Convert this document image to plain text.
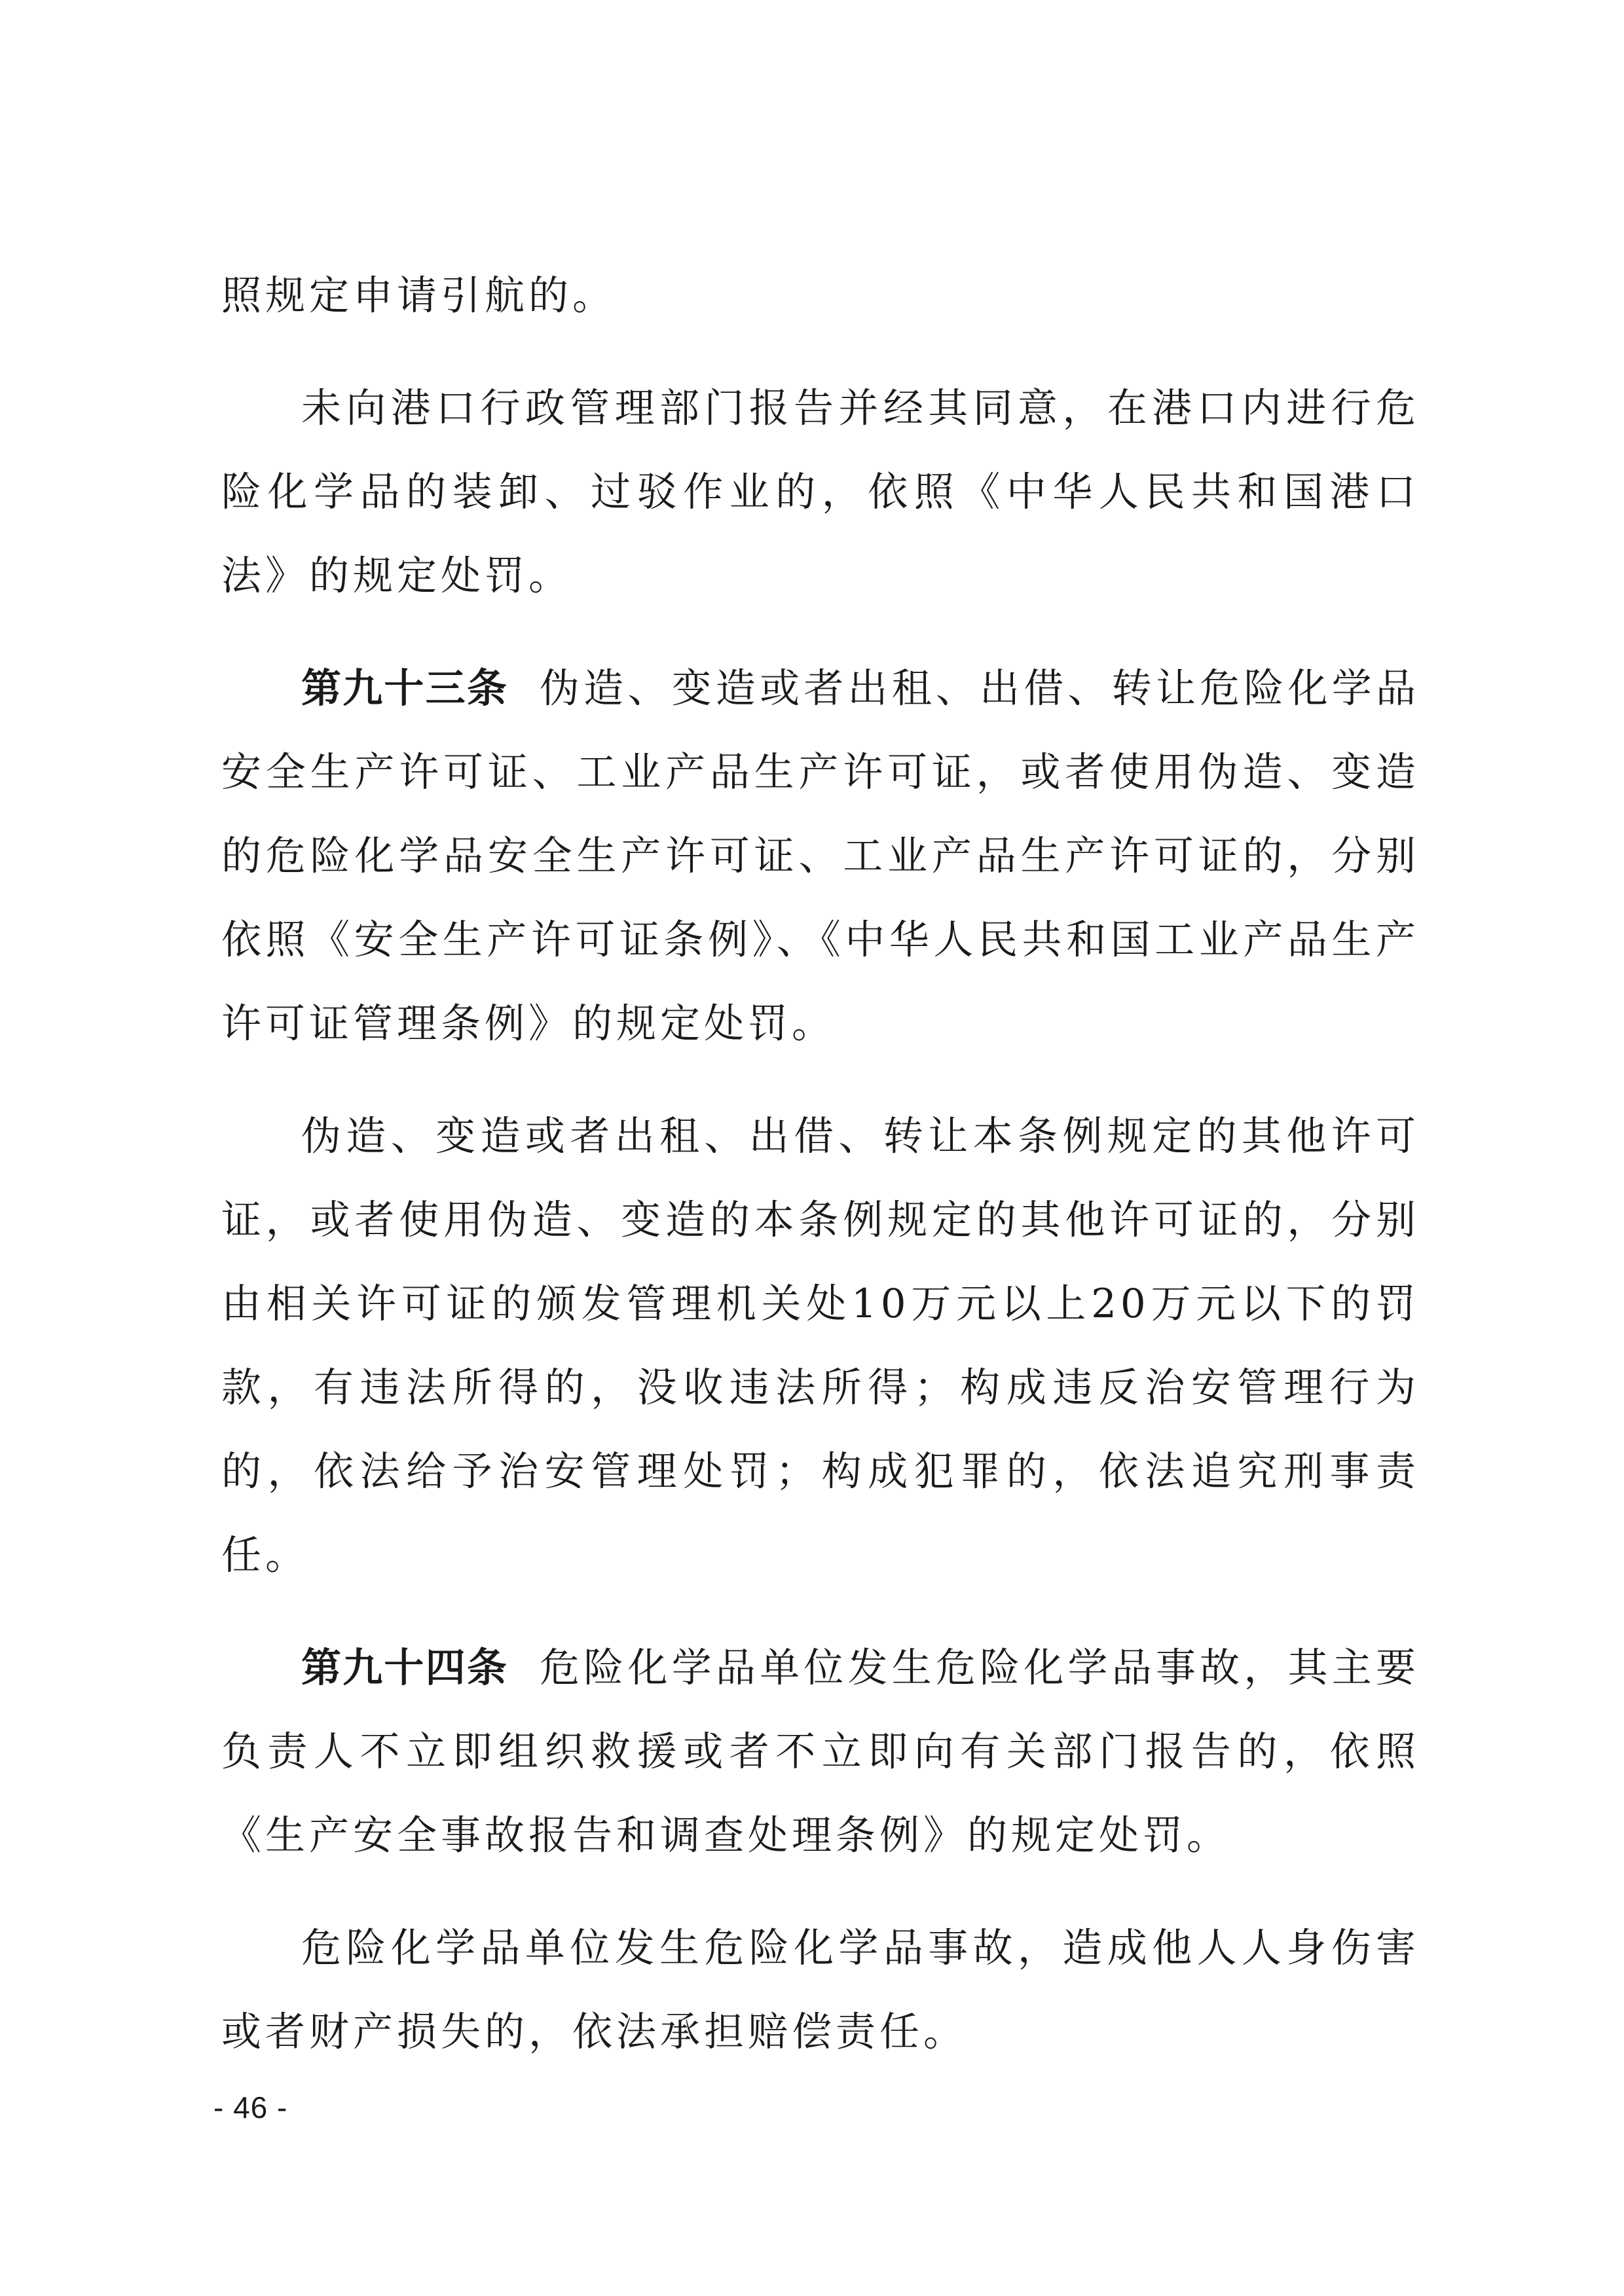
照规定申请引航的。

未向港口行政管理部门报告并经其同意，在港口内进行危险化学品的装卸、过驳作业的，依照《中华人民共和国港口法》的规定处罚。

第九十三条 伪造、变造或者出租、出借、转让危险化学品安全生产许可证、工业产品生产许可证，或者使用伪造、变造的危险化学品安全生产许可证、工业产品生产许可证的，分别依照《安全生产许可证条例》、《中华人民共和国工业产品生产许可证管理条例》的规定处罚。

伪造、变造或者出租、出借、转让本条例规定的其他许可证，或者使用伪造、变造的本条例规定的其他许可证的，分别由相关许可证的颁发管理机关处10万元以上20万元以下的罚款，有违法所得的，没收违法所得；构成违反治安管理行为的，依法给予治安管理处罚；构成犯罪的，依法追究刑事责任。

第九十四条 危险化学品单位发生危险化学品事故，其主要负责人不立即组织救援或者不立即向有关部门报告的，依照《生产安全事故报告和调查处理条例》的规定处罚。

危险化学品单位发生危险化学品事故，造成他人人身伤害或者财产损失的，依法承担赔偿责任。

- 46 -
